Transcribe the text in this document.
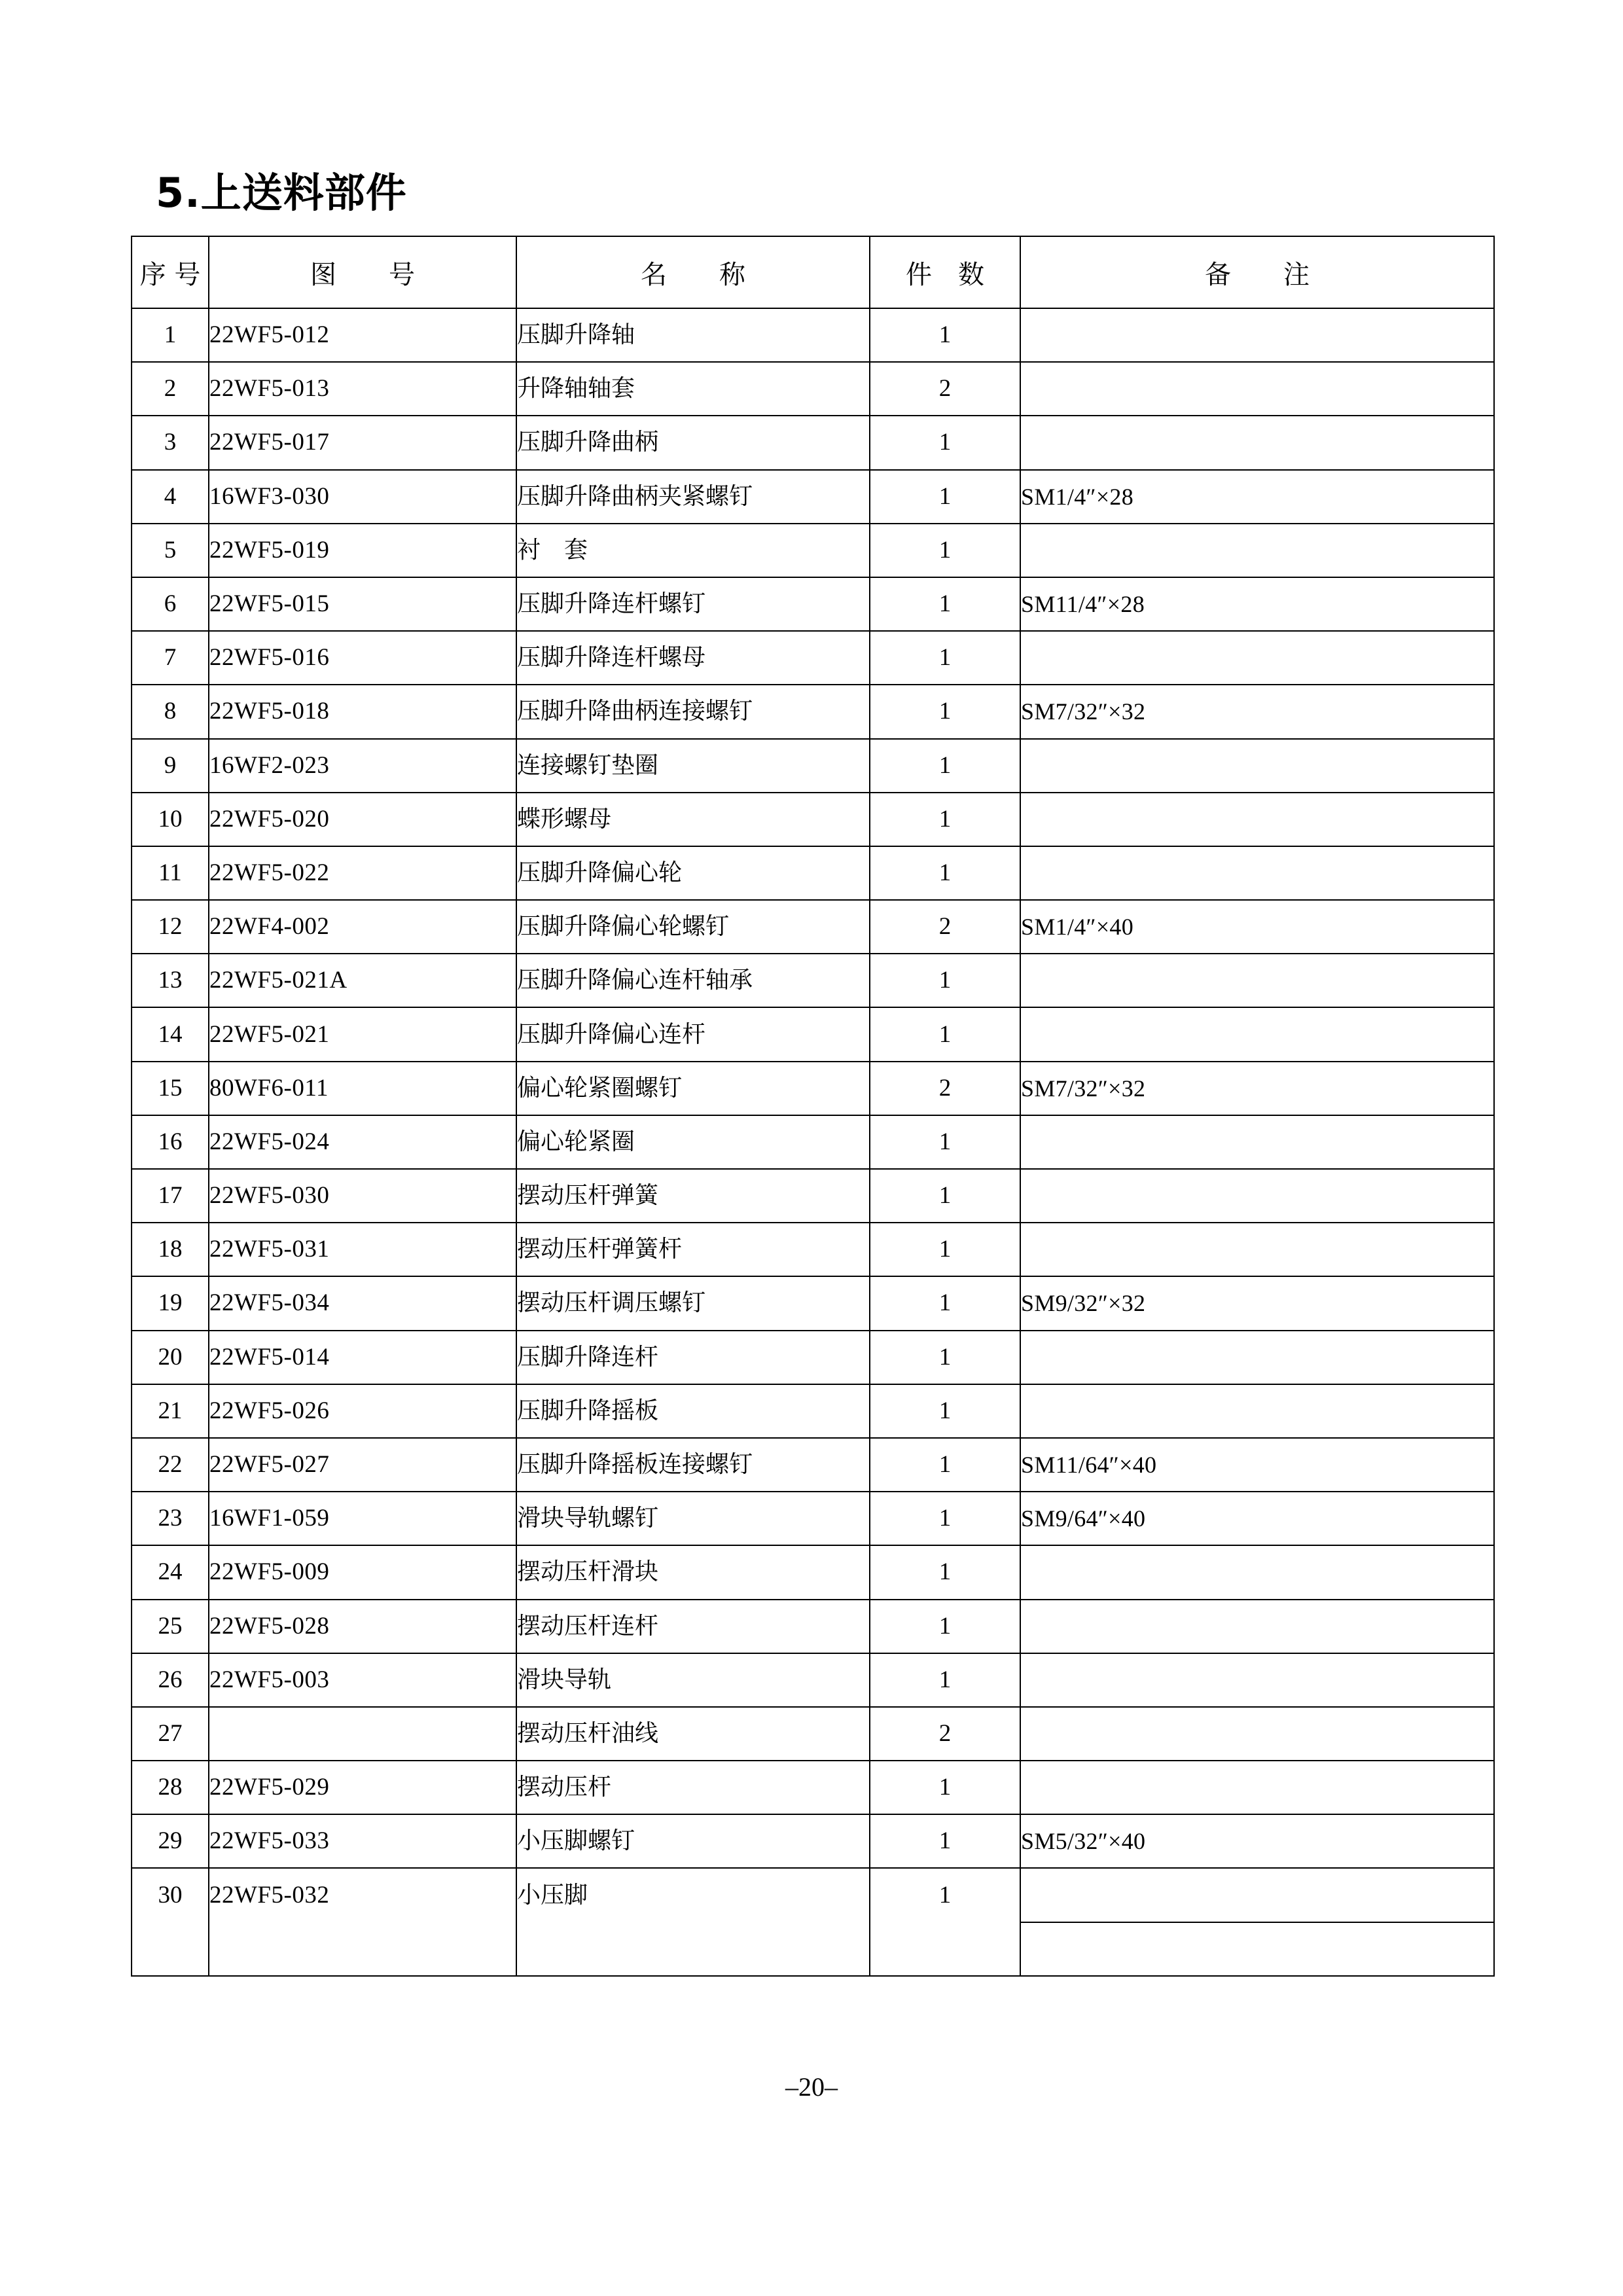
5.上送料部件
序 号	图　　号	名　　称	件　数	备　　注
1	22WF5-012	压脚升降轴	1	
2	22WF5-013	升降轴轴套	2	
3	22WF5-017	压脚升降曲柄	1	
4	16WF3-030	压脚升降曲柄夹紧螺钉	1	SM1/4″×28
5	22WF5-019	衬　套	1	
6	22WF5-015	压脚升降连杆螺钉	1	SM11/4″×28
7	22WF5-016	压脚升降连杆螺母	1	
8	22WF5-018	压脚升降曲柄连接螺钉	1	SM7/32″×32
9	16WF2-023	连接螺钉垫圈	1	
10	22WF5-020	蝶形螺母	1	
11	22WF5-022	压脚升降偏心轮	1	
12	22WF4-002	压脚升降偏心轮螺钉	2	SM1/4″×40
13	22WF5-021A	压脚升降偏心连杆轴承	1	
14	22WF5-021	压脚升降偏心连杆	1	
15	80WF6-011	偏心轮紧圈螺钉	2	SM7/32″×32
16	22WF5-024	偏心轮紧圈	1	
17	22WF5-030	摆动压杆弹簧	1	
18	22WF5-031	摆动压杆弹簧杆	1	
19	22WF5-034	摆动压杆调压螺钉	1	SM9/32″×32
20	22WF5-014	压脚升降连杆	1	
21	22WF5-026	压脚升降摇板	1	
22	22WF5-027	压脚升降摇板连接螺钉	1	SM11/64″×40
23	16WF1-059	滑块导轨螺钉	1	SM9/64″×40
24	22WF5-009	摆动压杆滑块	1	
25	22WF5-028	摆动压杆连杆	1	
26	22WF5-003	滑块导轨	1	
27		摆动压杆油线	2	
28	22WF5-029	摆动压杆	1	
29	22WF5-033	小压脚螺钉	1	SM5/32″×40
30	22WF5-032	小压脚	1	

–20–
